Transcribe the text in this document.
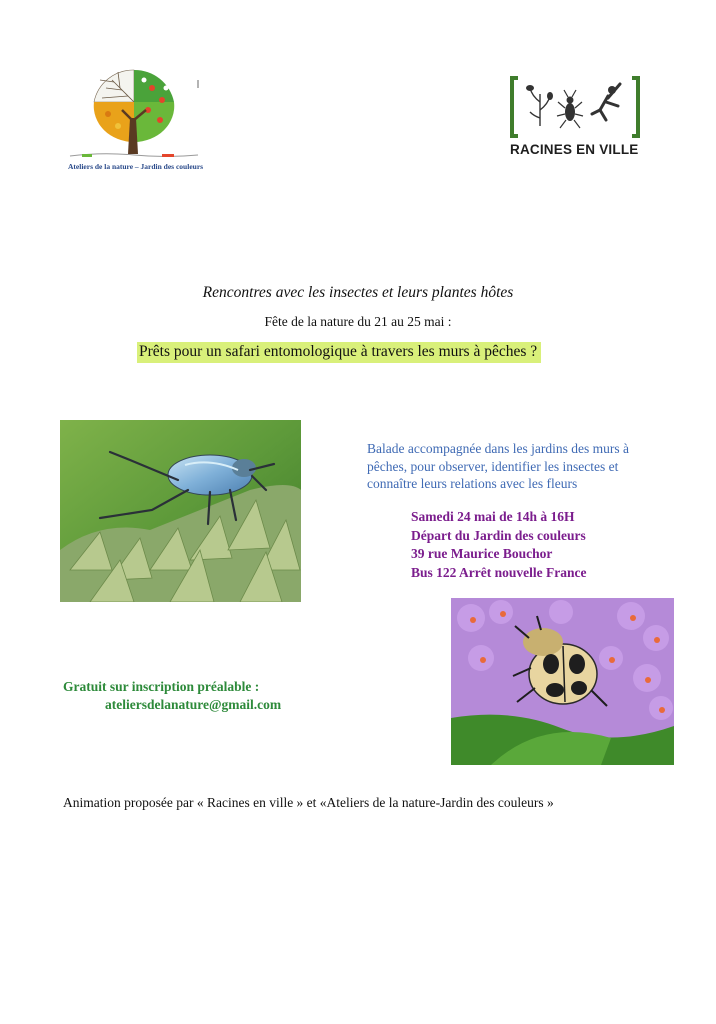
Ateliers de la nature – Jardin des couleurs
RACINES EN VILLE
Rencontres avec les insectes et leurs plantes hôtes
Fête de la nature du 21 au 25 mai :
Prêts pour un safari entomologique à travers les murs à pêches ?
Balade accompagnée dans les jardins des murs à pêches, pour observer, identifier les insectes et connaître leurs relations avec les fleurs
Samedi 24 mai de 14h à 16H
Départ du Jardin des couleurs
39 rue Maurice Bouchor
Bus 122 Arrêt nouvelle France
Gratuit sur inscription préalable :
ateliersdelanature@gmail.com
Animation proposée par « Racines en ville » et «Ateliers de la nature-Jardin des couleurs »
